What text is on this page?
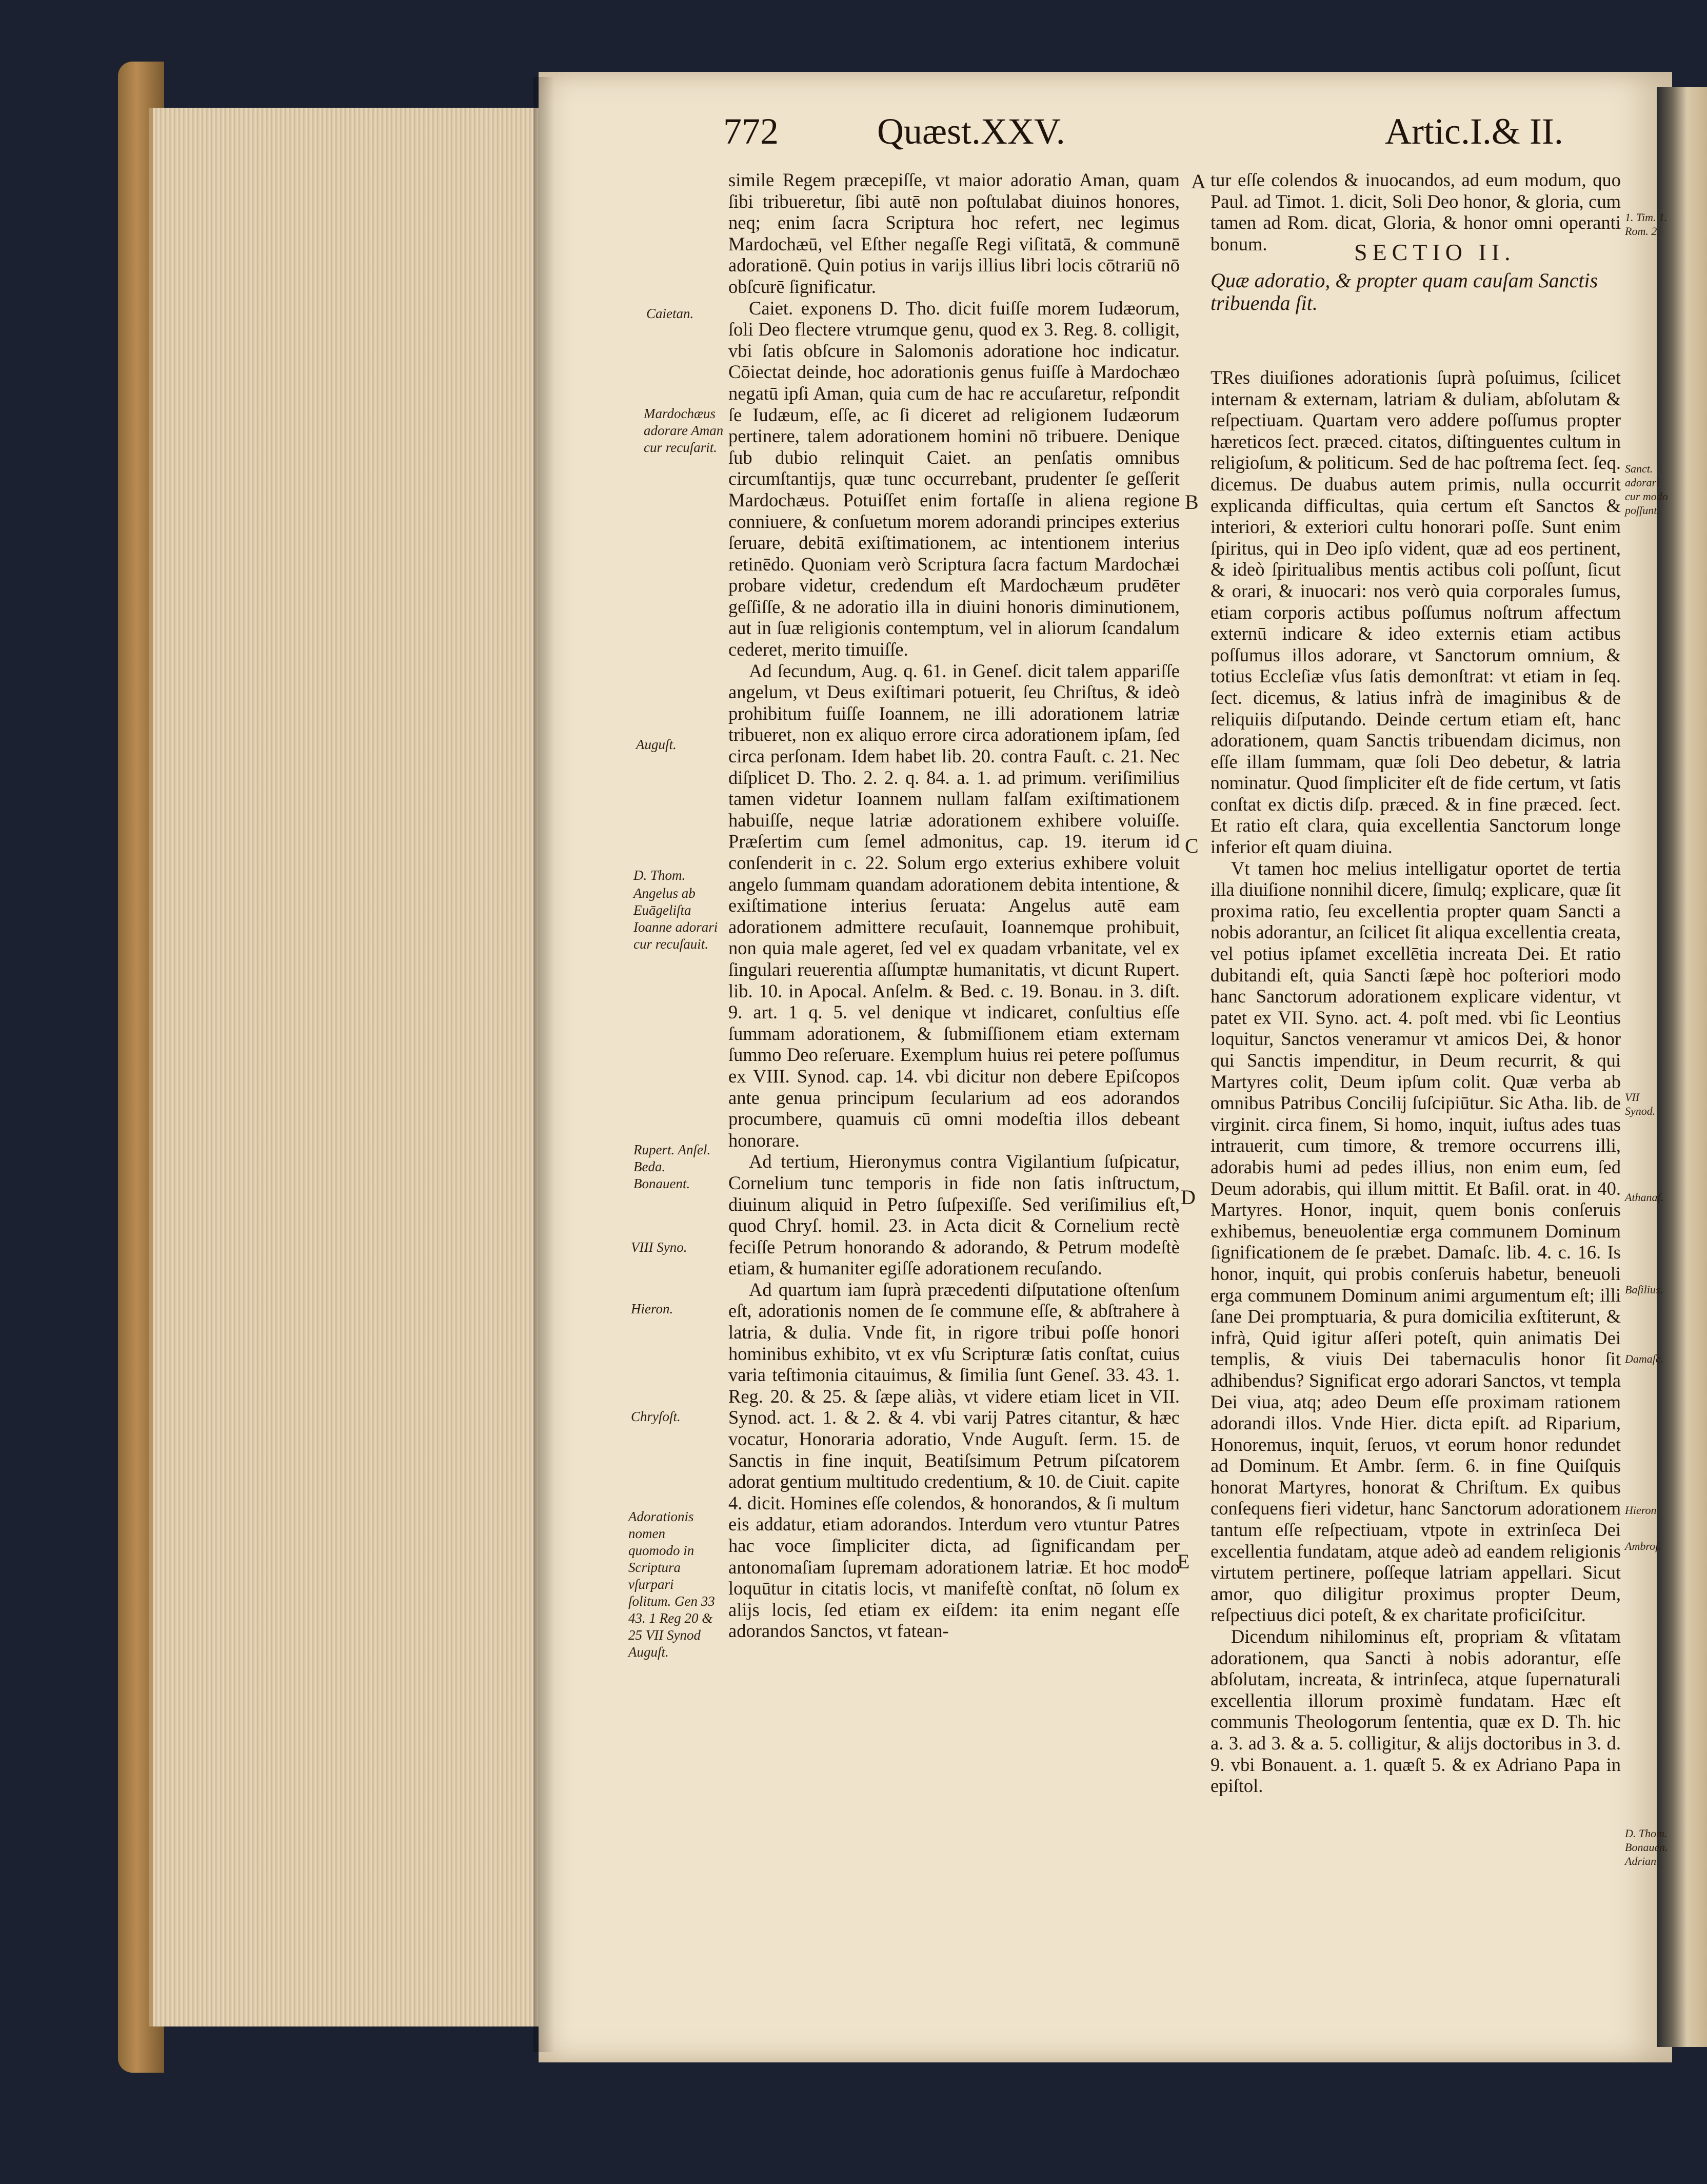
772	Quæst.XXV.	Artic.I.& II.
Caietan.
Mardochæus adorare Aman cur recuſarit.
Auguſt.
D. Thom.
Angelus ab Euāgeliſta Ioanne adorari cur recuſauit.
Rupert. Anſel. Beda. Bonauent.
VIII Syno.
Hieron.
Chryſoſt.
Adorationis nomen quomodo in Scriptura vſurpari ſolitum. Gen 33 43. 1 Reg 20 & 25 VII Synod Auguſt.

simile Regem præcepiſſe, vt maior adoratio Aman, quam ſibi tribueretur, ſibi autē non poſtulabat diuinos honores, neq; enim ſacra Scriptura hoc refert, nec legimus Mardochæū, vel Eſther negaſſe Regi viſitatā, & communē adorationē. Quin potius in varijs illius libri locis cōtrariū nō obſcurē ſignificatur.

Caiet. exponens D. Tho. dicit fuiſſe morem Iudæorum, ſoli Deo flectere vtrumque genu, quod ex 3. Reg. 8. colligit, vbi ſatis obſcure in Salomonis adoratione hoc indicatur. Cōiectat deinde, hoc adorationis genus fuiſſe à Mardochæo negatū ipſi Aman, quia cum de hac re accuſaretur, reſpondit ſe Iudæum, eſſe, ac ſi diceret ad religionem Iudæorum pertinere, talem adorationem homini nō tribuere. Denique ſub dubio relinquit Caiet. an penſatis omnibus circumſtantijs, quæ tunc occurrebant, prudenter ſe geſſerit Mardochæus. Potuiſſet enim fortaſſe in aliena regione conniuere, & conſuetum morem adorandi principes exterius ſeruare, debitā exiſtimationem, ac intentionem interius retinēdo. Quoniam verò Scriptura ſacra factum Mardochæi probare videtur, credendum eſt Mardochæum prudēter geſſiſſe, & ne adoratio illa in diuini honoris diminutionem, aut in ſuæ religionis contemptum, vel in aliorum ſcandalum cederet, merito timuiſſe.

Ad ſecundum, Aug. q. 61. in Geneſ. dicit talem appariſſe angelum, vt Deus exiſtimari potuerit, ſeu Chriſtus, & ideò prohibitum fuiſſe Ioannem, ne illi adorationem latriæ tribueret, non ex aliquo errore circa adorationem ipſam, ſed circa perſonam. Idem habet lib. 20. contra Fauſt. c. 21. Nec diſplicet D. Tho. 2. 2. q. 84. a. 1. ad primum. veriſimilius tamen videtur Ioannem nullam falſam exiſtimationem habuiſſe, neque latriæ adorationem exhibere voluiſſe. Præſertim cum ſemel admonitus, cap. 19. iterum id conſenderit in c. 22. Solum ergo exterius exhibere voluit angelo ſummam quandam adorationem debita intentione, & exiſtimatione interius ſeruata: Angelus autē eam adorationem admittere recuſauit, Ioannemque prohibuit, non quia male ageret, ſed vel ex quadam vrbanitate, vel ex ſingulari reuerentia aſſumptæ humanitatis, vt dicunt Rupert. lib. 10. in Apocal. Anſelm. & Bed. c. 19. Bonau. in 3. diſt. 9. art. 1 q. 5. vel denique vt indicaret, conſultius eſſe ſummam adorationem, & ſubmiſſionem etiam externam ſummo Deo reſeruare. Exemplum huius rei petere poſſumus ex VIII. Synod. cap. 14. vbi dicitur non debere Epiſcopos ante genua principum ſecularium ad eos adorandos procumbere, quamuis cū omni modeſtia illos debeant honorare.

Ad tertium, Hieronymus contra Vigilantium ſuſpicatur, Cornelium tunc temporis in fide non ſatis inſtructum, diuinum aliquid in Petro ſuſpexiſſe. Sed veriſimilius eſt, quod Chryſ. homil. 23. in Acta dicit & Cornelium rectè feciſſe Petrum honorando & adorando, & Petrum modeſtè etiam, & humaniter egiſſe adorationem recuſando.

Ad quartum iam ſuprà præcedenti diſputatione oſtenſum eſt, adorationis nomen de ſe commune eſſe, & abſtrahere à latria, & dulia. Vnde fit, in rigore tribui poſſe honori hominibus exhibito, vt ex vſu Scripturæ ſatis conſtat, cuius varia teſtimonia citauimus, & ſimilia ſunt Geneſ. 33. 43. 1. Reg. 20. & 25. & ſæpe aliàs, vt videre etiam licet in VII. Synod. act. 1. & 2. & 4. vbi varij Patres citantur, & hæc vocatur, Honoraria adoratio, Vnde Auguſt. ſerm. 15. de Sanctis in fine inquit, Beatiſsimum Petrum piſcatorem adorat gentium multitudo credentium, & 10. de Ciuit. capite 4. dicit. Homines eſſe colendos, & honorandos, & ſi multum eis addatur, etiam adorandos. Interdum vero vtuntur Patres hac voce ſimpliciter dicta, ad ſignificandam per antonomaſiam ſupremam adorationem latriæ. Et hoc modo loquūtur in citatis locis, vt manifeſtè conſtat, nō ſolum ex alijs locis, ſed etiam ex eiſdem: ita enim negant eſſe adorandos Sanctos, vt fatean-

A
B
C
D
E
tur eſſe colendos & inuocandos, ad eum modum, quo Paul. ad Timot. 1. dicit, Soli Deo honor, & gloria, cum tamen ad Rom. dicat, Gloria, & honor omni operanti bonum.	SECTIO II.
Quæ adoratio, & propter quam cauſam Sanctis tribuenda ſit.

TRes diuiſiones adorationis ſuprà poſuimus, ſcilicet internam & externam, latriam & duliam, abſolutam & reſpectiuam. Quartam vero addere poſſumus propter hæreticos ſect. præced. citatos, diſtinguentes cultum in religioſum, & politicum. Sed de hac poſtrema ſect. ſeq. dicemus. De duabus autem primis, nulla occurrit explicanda difficultas, quia certum eſt Sanctos & interiori, & exteriori cultu honorari poſſe. Sunt enim ſpiritus, qui in Deo ipſo vident, quæ ad eos pertinent, & ideò ſpiritualibus mentis actibus coli poſſunt, ſicut & orari, & inuocari: nos verò quia corporales ſumus, etiam corporis actibus poſſumus noſtrum affectum externū indicare & ideo externis etiam actibus poſſumus illos adorare, vt Sanctorum omnium, & totius Eccleſiæ vſus ſatis demonſtrat: vt etiam in ſeq. ſect. dicemus, & latius infrà de imaginibus & de reliquiis diſputando. Deinde certum etiam eſt, hanc adorationem, quam Sanctis tribuendam dicimus, non eſſe illam ſummam, quæ ſoli Deo debetur, & latria nominatur. Quod ſimpliciter eſt de fide certum, vt ſatis conſtat ex dictis diſp. præced. & in fine præced. ſect. Et ratio eſt clara, quia excellentia Sanctorum longe inferior eſt quam diuina.

Vt tamen hoc melius intelligatur oportet de tertia illa diuiſione nonnihil dicere, ſimulq; explicare, quæ ſit proxima ratio, ſeu excellentia propter quam Sancti a nobis adorantur, an ſcilicet ſit aliqua excellentia creata, vel potius ipſamet excellētia increata Dei. Et ratio dubitandi eſt, quia Sancti ſæpè hoc poſteriori modo hanc Sanctorum adorationem explicare videntur, vt patet ex VII. Syno. act. 4. poſt med. vbi ſic Leontius loquitur, Sanctos veneramur vt amicos Dei, & honor qui Sanctis impenditur, in Deum recurrit, & qui Martyres colit, Deum ipſum colit. Quæ verba ab omnibus Patribus Concilij ſuſcipiūtur. Sic Atha. lib. de virginit. circa finem, Si homo, inquit, iuſtus ades tuas intrauerit, cum timore, & tremore occurrens illi, adorabis humi ad pedes illius, non enim eum, ſed Deum adorabis, qui illum mittit. Et Baſil. orat. in 40. Martyres. Honor, inquit, quem bonis conſeruis exhibemus, beneuolentiæ erga communem Dominum ſignificationem de ſe præbet. Damaſc. lib. 4. c. 16. Is honor, inquit, qui probis conſeruis habetur, beneuoli erga communem Dominum animi argumentum eſt; illi ſane Dei promptuaria, & pura domicilia exſtiterunt, & infrà, Quid igitur aſſeri poteſt, quin animatis Dei templis, & viuis Dei tabernaculis honor ſit adhibendus? Significat ergo adorari Sanctos, vt templa Dei viua, atq; adeo Deum eſſe proximam rationem adorandi illos. Vnde Hier. dicta epiſt. ad Riparium, Honoremus, inquit, ſeruos, vt eorum honor redundet ad Dominum. Et Ambr. ſerm. 6. in fine Quiſquis honorat Martyres, honorat & Chriſtum. Ex quibus conſequens fieri videtur, hanc Sanctorum adorationem tantum eſſe reſpectiuam, vtpote in extrinſeca Dei excellentia fundatam, atque adeò ad eandem religionis virtutem pertinere, poſſeque latriam appellari. Sicut amor, quo diligitur proximus propter Deum, reſpectiuus dici poteſt, & ex charitate proficiſcitur.

Dicendum nihilominus eſt, propriam & vſitatam adorationem, qua Sancti à nobis adorantur, eſſe abſolutam, increata, & intrinſeca, atque ſupernaturali excellentia illorum proximè fundatam. Hæc eſt communis Theologorum ſententia, quæ ex D. Th. hic a. 3. ad 3. & a. 5. colligitur, & alijs doctoribus in 3. d. 9. vbi Bonauent. a. 1. quæſt 5. & ex Adriano Papa in epiſtol.

1. Tim. 1. Rom. 2.
Sanct. adorari cur modo poſſunt.
VII Synod.
Athanaſ.
Baſilius.
Damaſc.
Hieron.
Ambroſ.
D. Thom. Bonauen. Adrian.
